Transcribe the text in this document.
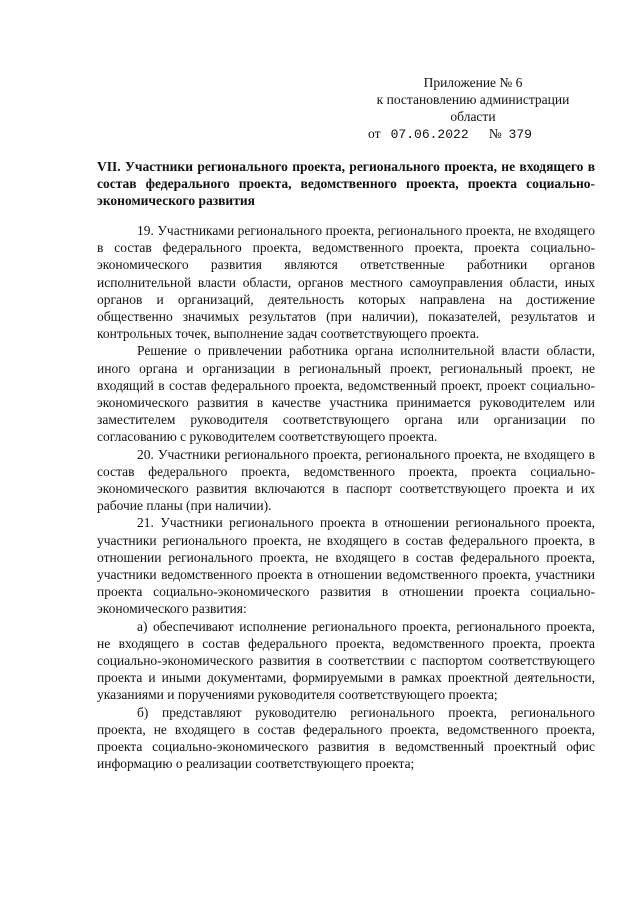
Приложение № 6
к постановлению администрации
области
от 07.06.2022 № 379
VII. Участники регионального проекта, регионального проекта, не входящего в состав федерального проекта, ведомственного проекта, проекта социально-экономического развития

19. Участниками регионального проекта, регионального проекта, не входящего в состав федерального проекта, ведомственного проекта, проекта социально-экономического развития являются ответственные работники органов исполнительной власти области, органов местного самоуправления области, иных органов и организаций, деятельность которых направлена на достижение общественно значимых результатов (при наличии), показателей, результатов и контрольных точек, выполнение задач соответствующего проекта.

Решение о привлечении работника органа исполнительной власти области, иного органа и организации в региональный проект, региональный проект, не входящий в состав федерального проекта, ведомственный проект, проект социально-экономического развития в качестве участника принимается руководителем или заместителем руководителя соответствующего органа или организации по согласованию с руководителем соответствующего проекта.

20. Участники регионального проекта, регионального проекта, не входящего в состав федерального проекта, ведомственного проекта, проекта социально-экономического развития включаются в паспорт соответствующего проекта и их рабочие планы (при наличии).

21. Участники регионального проекта в отношении регионального проекта, участники регионального проекта, не входящего в состав федерального проекта, в отношении регионального проекта, не входящего в состав федерального проекта, участники ведомственного проекта в отношении ведомственного проекта, участники проекта социально-экономического развития в отношении проекта социально-экономического развития:

а) обеспечивают исполнение регионального проекта, регионального проекта, не входящего в состав федерального проекта, ведомственного проекта, проекта социально-экономического развития в соответствии с паспортом соответствующего проекта и иными документами, формируемыми в рамках проектной деятельности, указаниями и поручениями руководителя соответствующего проекта;

б) представляют руководителю регионального проекта, регионального проекта, не входящего в состав федерального проекта, ведомственного проекта, проекта социально-экономического развития в ведомственный проектный офис информацию о реализации соответствующего проекта;
